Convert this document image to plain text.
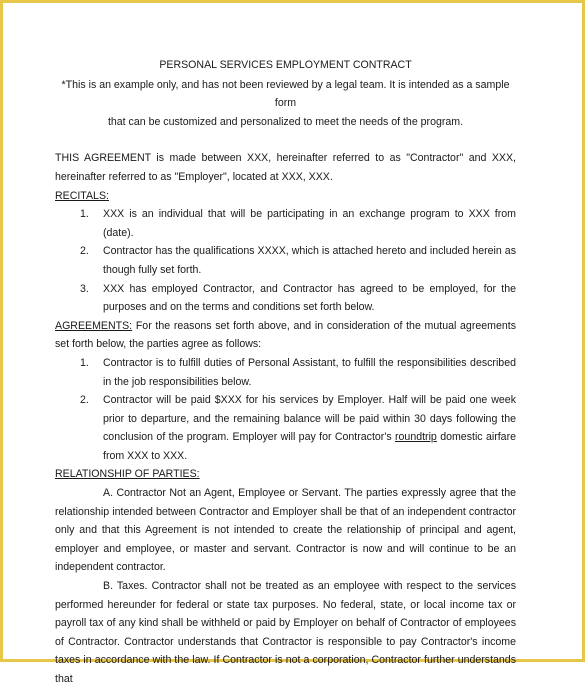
PERSONAL SERVICES EMPLOYMENT CONTRACT

*This is an example only, and has not been reviewed by a legal team. It is intended as a sample form

that can be customized and personalized to meet the needs of the program.

THIS AGREEMENT is made between XXX, hereinafter referred to as "Contractor" and XXX, hereinafter referred to as "Employer", located at XXX, XXX.

RECITALS:

1. XXX is an individual that will be participating in an exchange program to XXX from (date).
2. Contractor has the qualifications XXXX, which is attached hereto and included herein as though fully set forth.
3. XXX has employed Contractor, and Contractor has agreed to be employed, for the purposes and on the terms and conditions set forth below.

AGREEMENTS: For the reasons set forth above, and in consideration of the mutual agreements set forth below, the parties agree as follows:

1. Contractor is to fulfill duties of Personal Assistant, to fulfill the responsibilities described in the job responsibilities below.
2. Contractor will be paid $XXX for his services by Employer. Half will be paid one week prior to departure, and the remaining balance will be paid within 30 days following the conclusion of the program. Employer will pay for Contractor's roundtrip domestic airfare from XXX to XXX.

RELATIONSHIP OF PARTIES:

A. Contractor Not an Agent, Employee or Servant. The parties expressly agree that the relationship intended between Contractor and Employer shall be that of an independent contractor only and that this Agreement is not intended to create the relationship of principal and agent, employer and employee, or master and servant. Contractor is now and will continue to be an independent contractor.

B. Taxes. Contractor shall not be treated as an employee with respect to the services performed hereunder for federal or state tax purposes. No federal, state, or local income tax or payroll tax of any kind shall be withheld or paid by Employer on behalf of Contractor of employees of Contractor. Contractor understands that Contractor is responsible to pay Contractor's income taxes in accordance with the law. If Contractor is not a corporation, Contractor further understands that
